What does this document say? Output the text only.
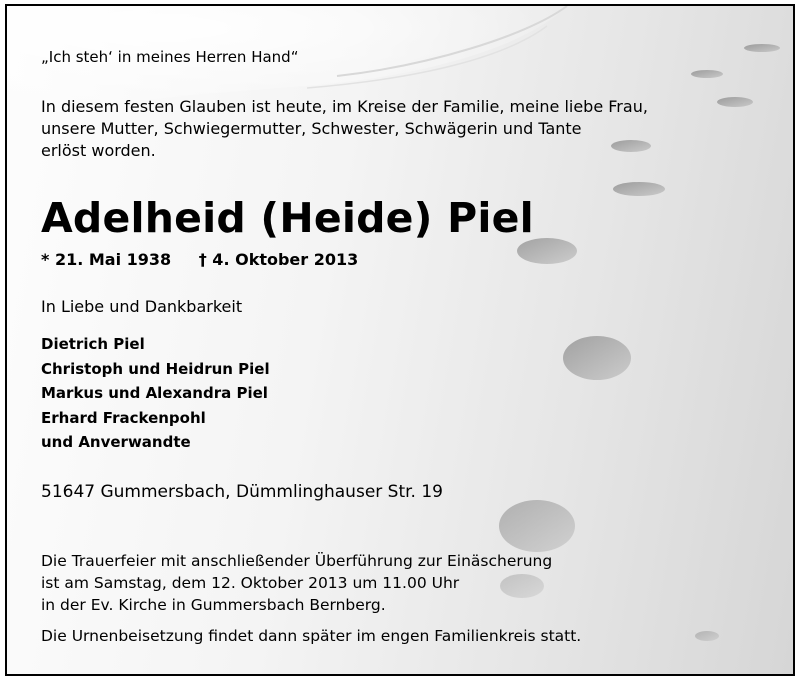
„Ich steh‘ in meines Herren Hand“
In diesem festen Glauben ist heute, im Kreise der Familie, meine liebe Frau,
unsere Mutter, Schwiegermutter, Schwester, Schwägerin und Tante
erlöst worden.
Adelheid (Heide) Piel
* 21. Mai 1938 † 4. Oktober 2013
In Liebe und Dankbarkeit
Dietrich Piel
Christoph und Heidrun Piel
Markus und Alexandra Piel
Erhard Frackenpohl
und Anverwandte
51647 Gummersbach, Dümmlinghauser Str. 19
Die Trauerfeier mit anschließender Überführung zur Einäscherung
ist am Samstag, dem 12. Oktober 2013 um 11.00 Uhr
in der Ev. Kirche in Gummersbach Bernberg.
Die Urnenbeisetzung findet dann später im engen Familienkreis statt.
